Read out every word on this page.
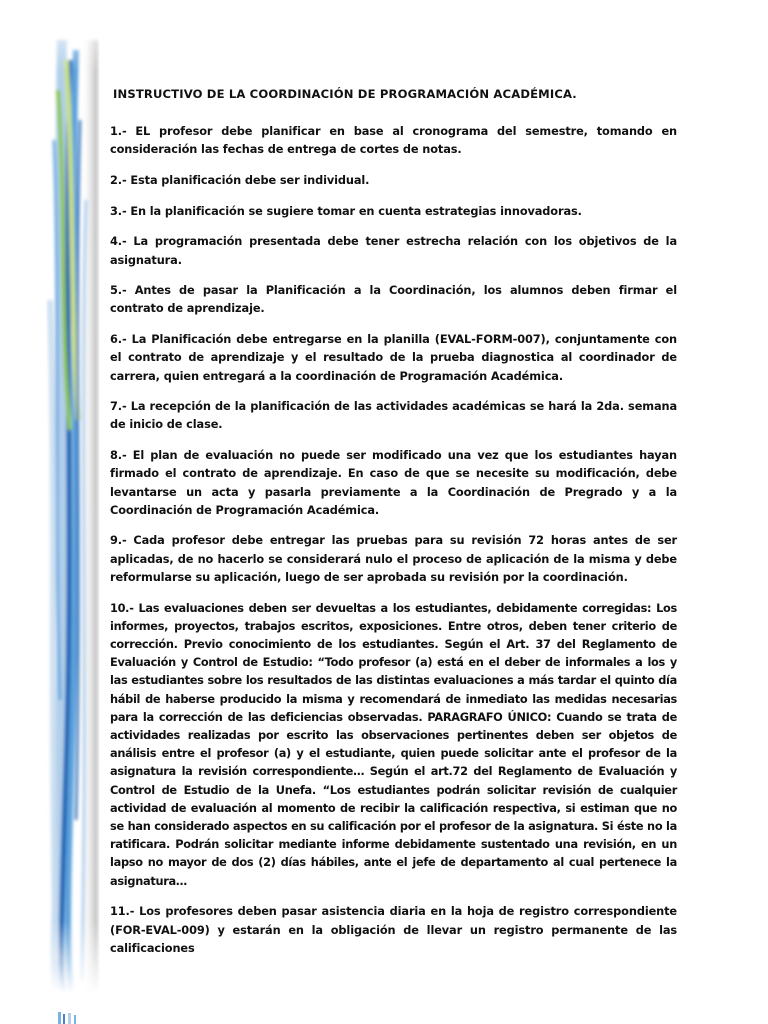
INSTRUCTIVO DE LA COORDINACIÓN DE PROGRAMACIÓN ACADÉMICA.
1.- EL profesor debe planificar en base al cronograma del semestre, tomando en consideración las fechas de entrega de cortes de notas.
2.- Esta planificación debe ser individual.
3.- En la planificación se sugiere tomar en cuenta estrategias innovadoras.
4.- La programación presentada debe tener estrecha relación con los objetivos de la asignatura.
5.- Antes de pasar la Planificación a la Coordinación, los alumnos deben firmar el contrato de aprendizaje.
6.- La Planificación debe entregarse en la planilla (EVAL-FORM-007), conjuntamente con el contrato de aprendizaje y el resultado de la prueba diagnostica al coordinador de carrera, quien entregará a la coordinación de Programación Académica.
7.- La recepción de la planificación de las actividades académicas se hará la 2da. semana de inicio de clase.
8.- El plan de evaluación no puede ser modificado una vez que los estudiantes hayan firmado el contrato de aprendizaje. En caso de que se necesite su modificación, debe levantarse un acta y pasarla previamente a la Coordinación de Pregrado y a la Coordinación de Programación Académica.
9.- Cada profesor debe entregar las pruebas para su revisión 72 horas antes de ser aplicadas, de no hacerlo se considerará nulo el proceso de aplicación de la misma y debe reformularse su aplicación, luego de ser aprobada su revisión por la coordinación.
10.- Las evaluaciones deben ser devueltas a los estudiantes, debidamente corregidas: Los informes, proyectos, trabajos escritos, exposiciones. Entre otros, deben tener criterio de corrección. Previo conocimiento de los estudiantes. Según el Art. 37 del Reglamento de Evaluación y Control de Estudio: “Todo profesor (a) está en el deber de informales a los y las estudiantes sobre los resultados de las distintas evaluaciones a más tardar el quinto día hábil de haberse producido la misma y recomendará de inmediato las medidas necesarias para la corrección de las deficiencias observadas. PARAGRAFO ÚNICO: Cuando se trata de actividades realizadas por escrito las observaciones pertinentes deben ser objetos de análisis entre el profesor (a) y el estudiante, quien puede solicitar ante el profesor de la asignatura la revisión correspondiente… Según el art.72 del Reglamento de Evaluación y Control de Estudio de la Unefa. “Los estudiantes podrán solicitar revisión de cualquier actividad de evaluación al momento de recibir la calificación respectiva, si estiman que no se han considerado aspectos en su calificación por el profesor de la asignatura. Si éste no la ratificara. Podrán solicitar mediante informe debidamente sustentado una revisión, en un lapso no mayor de dos (2) días hábiles, ante el jefe de departamento al cual pertenece la asignatura…
11.- Los profesores deben pasar asistencia diaria en la hoja de registro correspondiente (FOR-EVAL-009) y estarán en la obligación de llevar un registro permanente de las calificaciones
